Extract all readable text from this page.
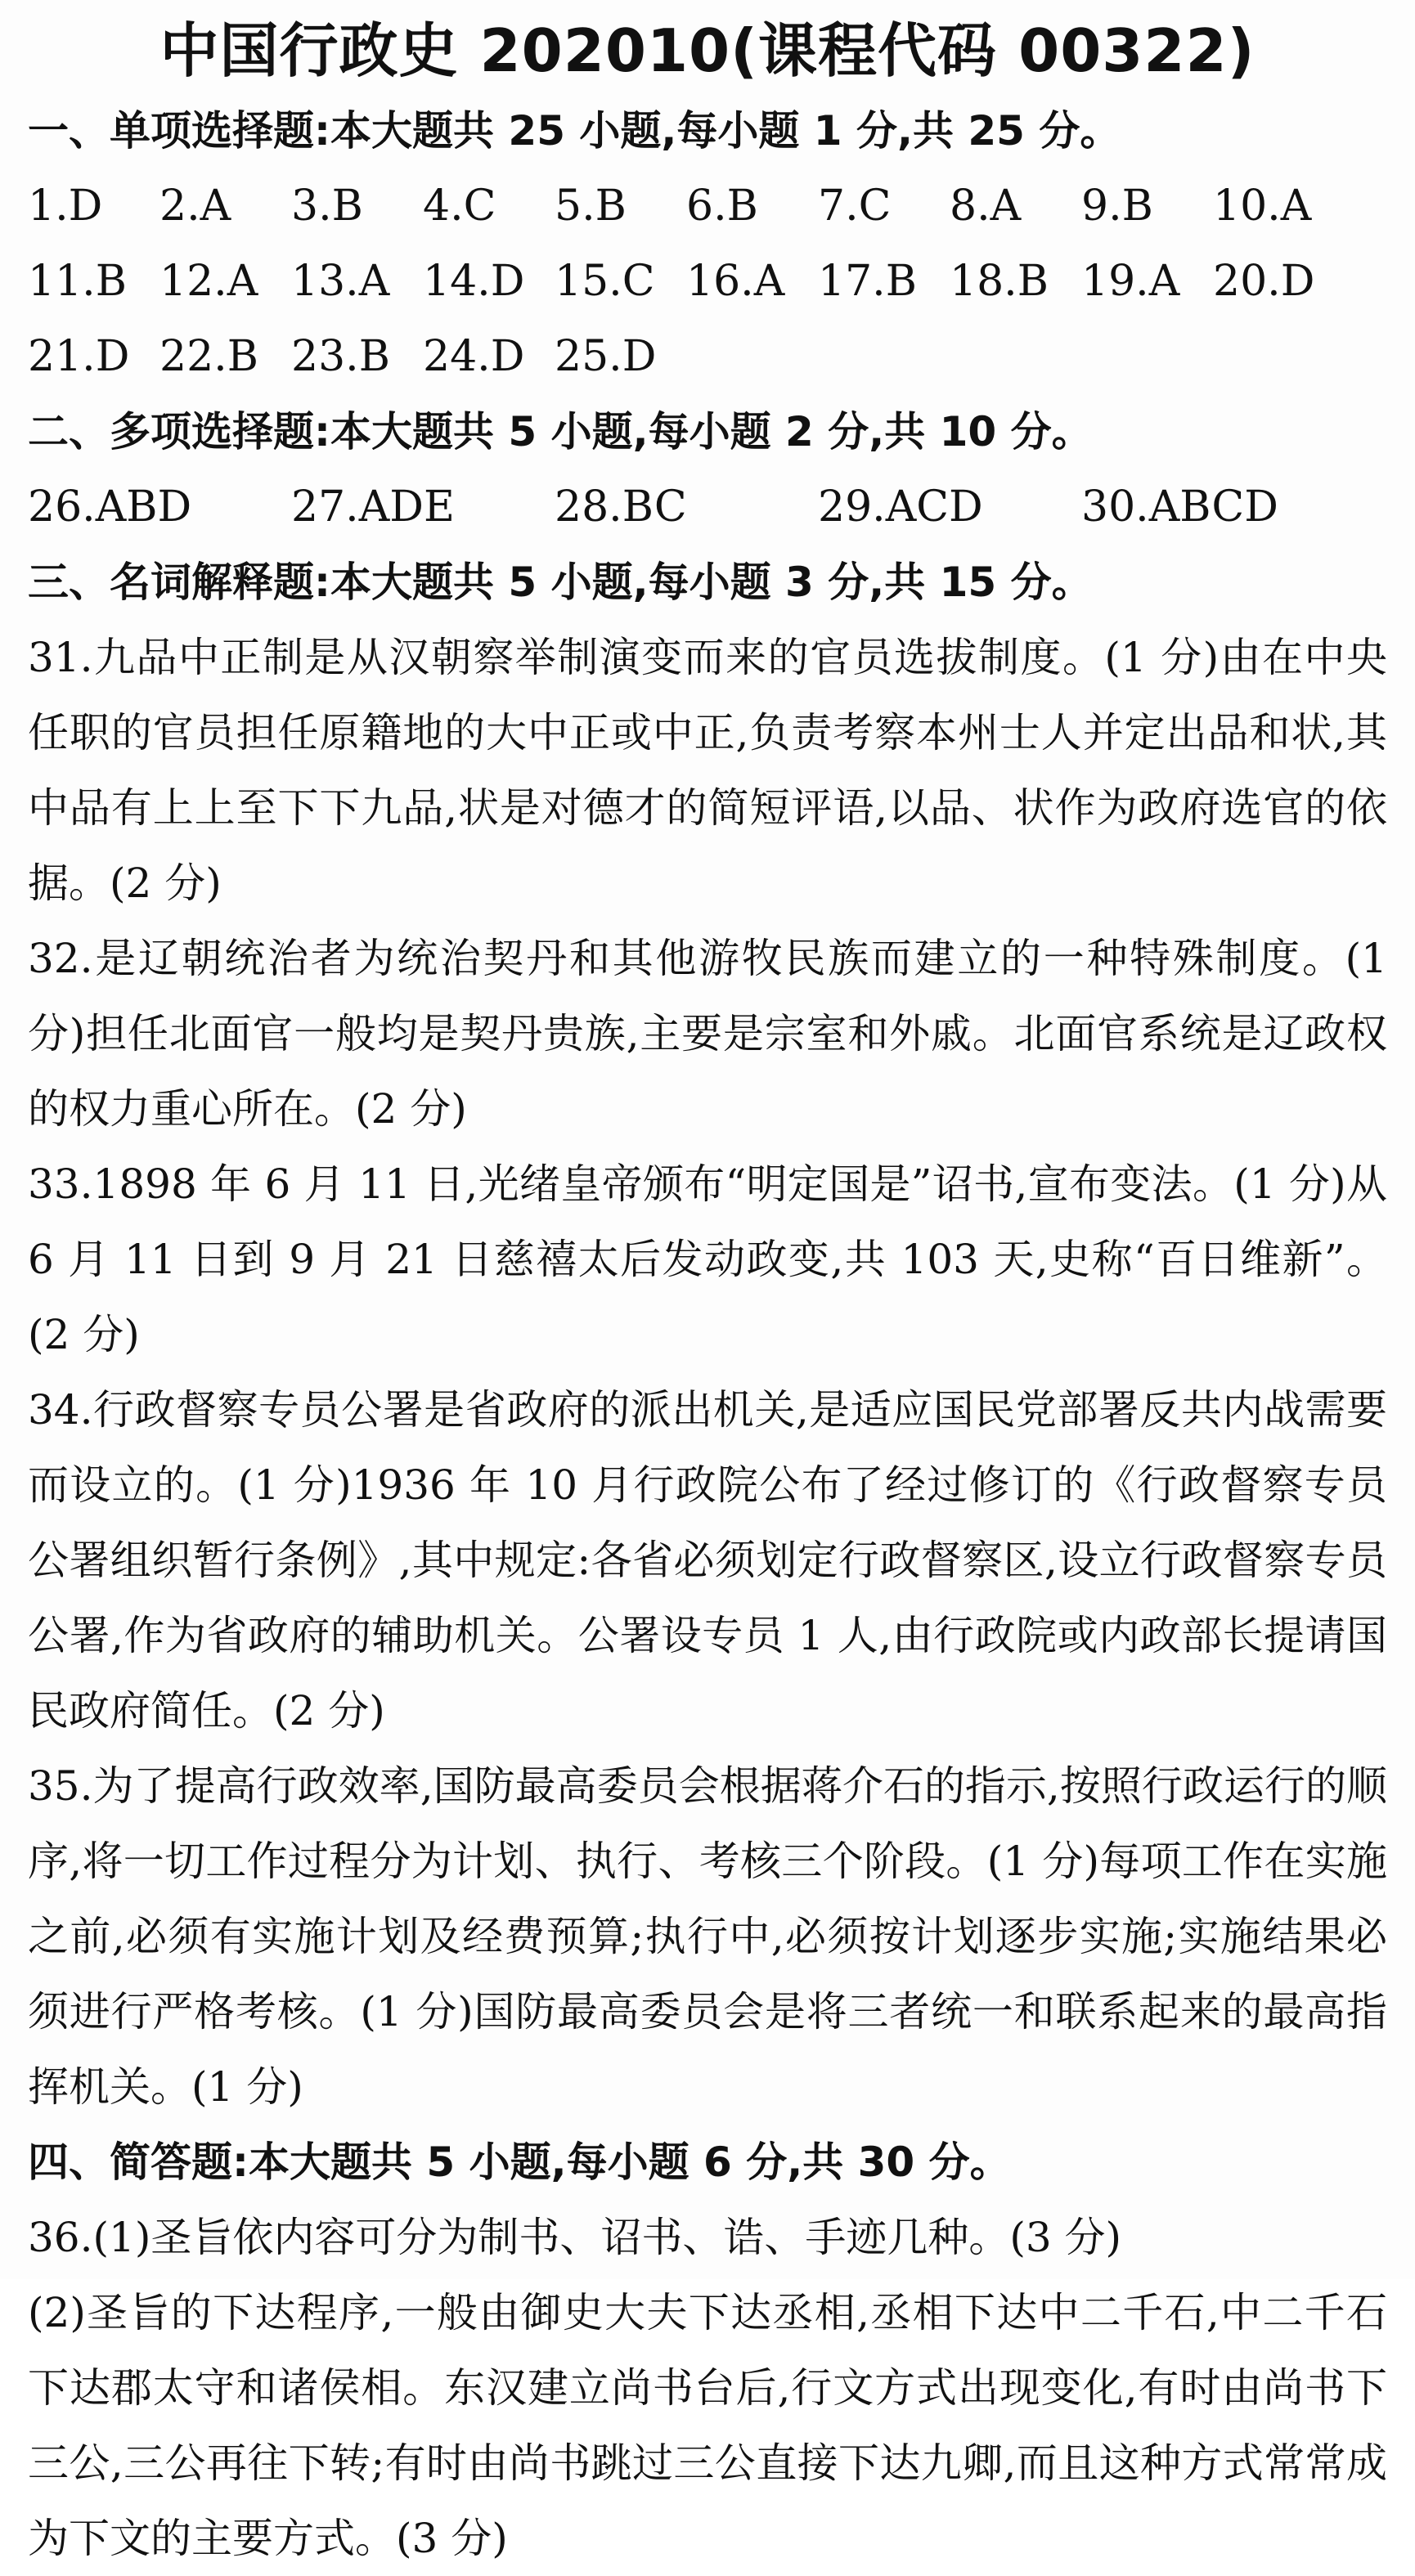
中国行政史 202010(课程代码 00322)
一、单项选择题:本大题共 25 小题,每小题 1 分,共 25 分。
1.D	2.A	3.B	4.C	5.B	6.B	7.C	8.A	9.B	10.A
11.B 12.A 13.A 14.D 15.C 16.A 17.B 18.B 19.A 20.D
21.D 22.B 23.B 24.D 25.D
二、多项选择题:本大题共 5 小题,每小题 2 分,共 10 分。
26.ABD	27.ADE	28.BC	29.ACD	30.ABCD
三、名词解释题:本大题共 5 小题,每小题 3 分,共 15 分。

31.九品中正制是从汉朝察举制演变而来的官员选拔制度。(1 分)由在中央任职的官员担任原籍地的大中正或中正,负责考察本州士人并定出品和状,其中品有上上至下下九品,状是对德才的简短评语,以品、状作为政府选官的依据。(2 分)

32.是辽朝统治者为统治契丹和其他游牧民族而建立的一种特殊制度。(1 分)担任北面官一般均是契丹贵族,主要是宗室和外戚。北面官系统是辽政权的权力重心所在。(2 分)

33.1898 年 6 月 11 日,光绪皇帝颁布“明定国是”诏书,宣布变法。(1 分)从 6 月 11 日到 9 月 21 日慈禧太后发动政变,共 103 天,史称“百日维新”。(2 分)

34.行政督察专员公署是省政府的派出机关,是适应国民党部署反共内战需要而设立的。(1 分)1936 年 10 月行政院公布了经过修订的《行政督察专员公署组织暂行条例》,其中规定:各省必须划定行政督察区,设立行政督察专员公署,作为省政府的辅助机关。公署设专员 1 人,由行政院或内政部长提请国民政府简任。(2 分)

35.为了提高行政效率,国防最高委员会根据蒋介石的指示,按照行政运行的顺序,将一切工作过程分为计划、执行、考核三个阶段。(1 分)每项工作在实施之前,必须有实施计划及经费预算;执行中,必须按计划逐步实施;实施结果必须进行严格考核。(1 分)国防最高委员会是将三者统一和联系起来的最高指挥机关。(1 分)

四、简答题:本大题共 5 小题,每小题 6 分,共 30 分。

36.(1)圣旨依内容可分为制书、诏书、诰、手迹几种。(3 分)

(2)圣旨的下达程序,一般由御史大夫下达丞相,丞相下达中二千石,中二千石下达郡太守和诸侯相。东汉建立尚书台后,行文方式出现变化,有时由尚书下三公,三公再往下转;有时由尚书跳过三公直接下达九卿,而且这种方式常常成为下文的主要方式。(3 分)
